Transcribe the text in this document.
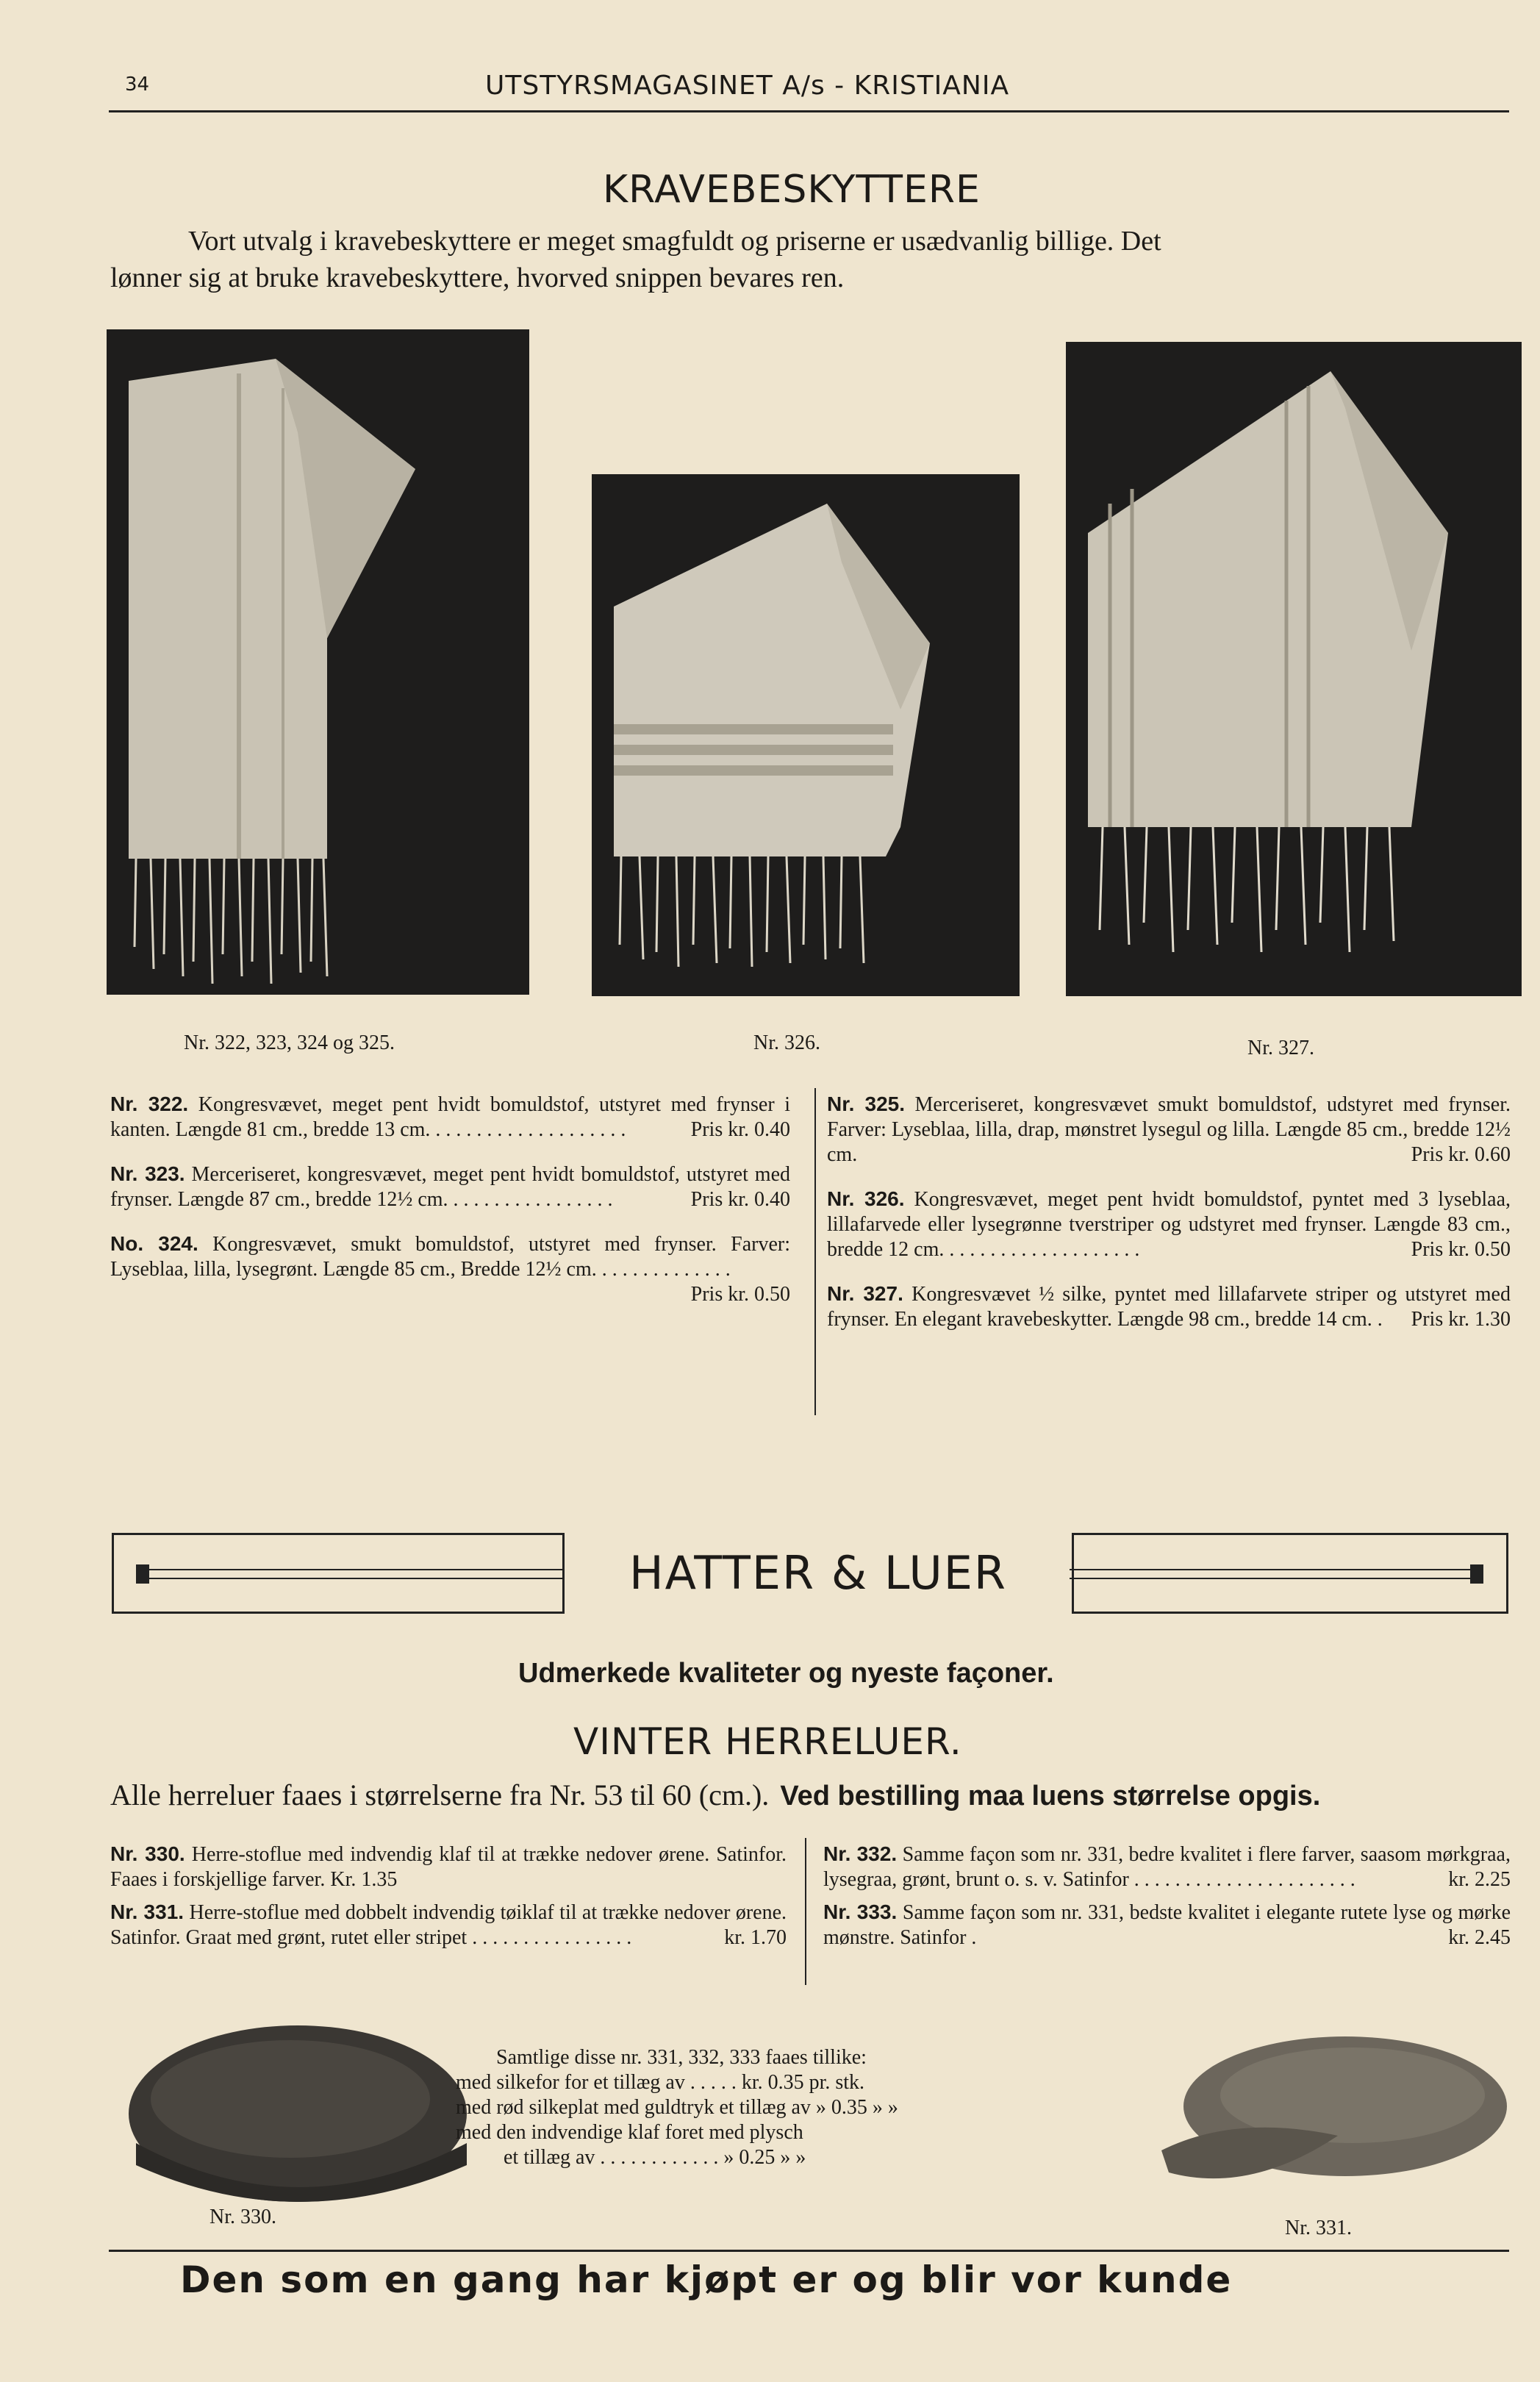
34	UTSTYRSMAGASINET A/s - KRISTIANIA
KRAVEBESKYTTERE
Vort utvalg i kravebeskyttere er meget smagfuldt og priserne er usædvanlig billige. Det
lønner sig at bruke kravebeskyttere, hvorved snippen bevares ren.
Nr. 322, 323, 324 og 325.	Nr. 326.	Nr. 327.
Nr. 322. Kongresvævet, meget pent hvidt bomuldstof, utstyret med frynser i kanten. Længde 81 cm., bredde 13 cm. . . . . . . . . . . . . . . . . . . .	Pris kr. 0.40
Nr. 323. Merceriseret, kongresvævet, meget pent hvidt bomuldstof, utstyret med frynser. Længde 87 cm., bredde 12½ cm. . . . . . . . . . . . . . . . .	Pris kr. 0.40
No. 324. Kongresvævet, smukt bomuldstof, utstyret med frynser. Farver: Lyseblaa, lilla, lysegrønt. Længde 85 cm., Bredde 12½ cm. . . . . . . . . . . . . .
Pris kr. 0.50
Nr. 325. Merceriseret, kongresvævet smukt bomuldstof, udstyret med frynser. Farver: Lyseblaa, lilla, drap, mønstret lysegul og lilla. Længde 85 cm., bredde 12½ cm.	Pris kr. 0.60
Nr. 326. Kongresvævet, meget pent hvidt bomuldstof, pyntet med 3 lyseblaa, lillafarvede eller lysegrønne tverstriper og udstyret med frynser. Længde 83 cm., bredde 12 cm. . . . . . . . . . . . . . . . . . . .	Pris kr. 0.50
Nr. 327. Kongresvævet ½ silke, pyntet med lillafarvete striper og utstyret med frynser. En elegant kravebeskytter. Længde 98 cm., bredde 14 cm. . Pris kr. 1.30
HATTER & LUER
Udmerkede kvaliteter og nyeste façoner.
VINTER HERRELUER.
Alle herreluer faaes i størrelserne fra Nr. 53 til 60 (cm.). Ved bestilling maa luens størrelse opgis.
Nr. 330. Herre-stoflue med indvendig klaf til at trække nedover ørene. Satinfor. Faaes i forskjellige farver. Kr. 1.35
Nr. 331. Herre-stoflue med dobbelt indvendig tøiklaf til at trække nedover ørene. Satinfor. Graat med grønt, rutet eller stripet . . . . . . . . . . . . . . . .	kr. 1.70
Nr. 332. Samme façon som nr. 331, bedre kvalitet i flere farver, saasom mørkgraa, lysegraa, grønt, brunt o. s. v. Satinfor . . . . . . . . . . . . . . . . . . . . . .	kr. 2.25
Nr. 333. Samme façon som nr. 331, bedste kvalitet i elegante rutete lyse og mørke mønstre. Satinfor .	kr. 2.45
Samtlige disse nr. 331, 332, 333 faaes tillike:
med silkefor for et tillæg av . . . . . kr. 0.35 pr. stk.
med rød silkeplat med guldtryk et tillæg av » 0.35 » »
med den indvendige klaf foret med plysch
et tillæg av . . . . . . . . . . . . » 0.25 » »
Nr. 330.	Nr. 331.
Den som en gang har kjøpt er og blir vor kunde
